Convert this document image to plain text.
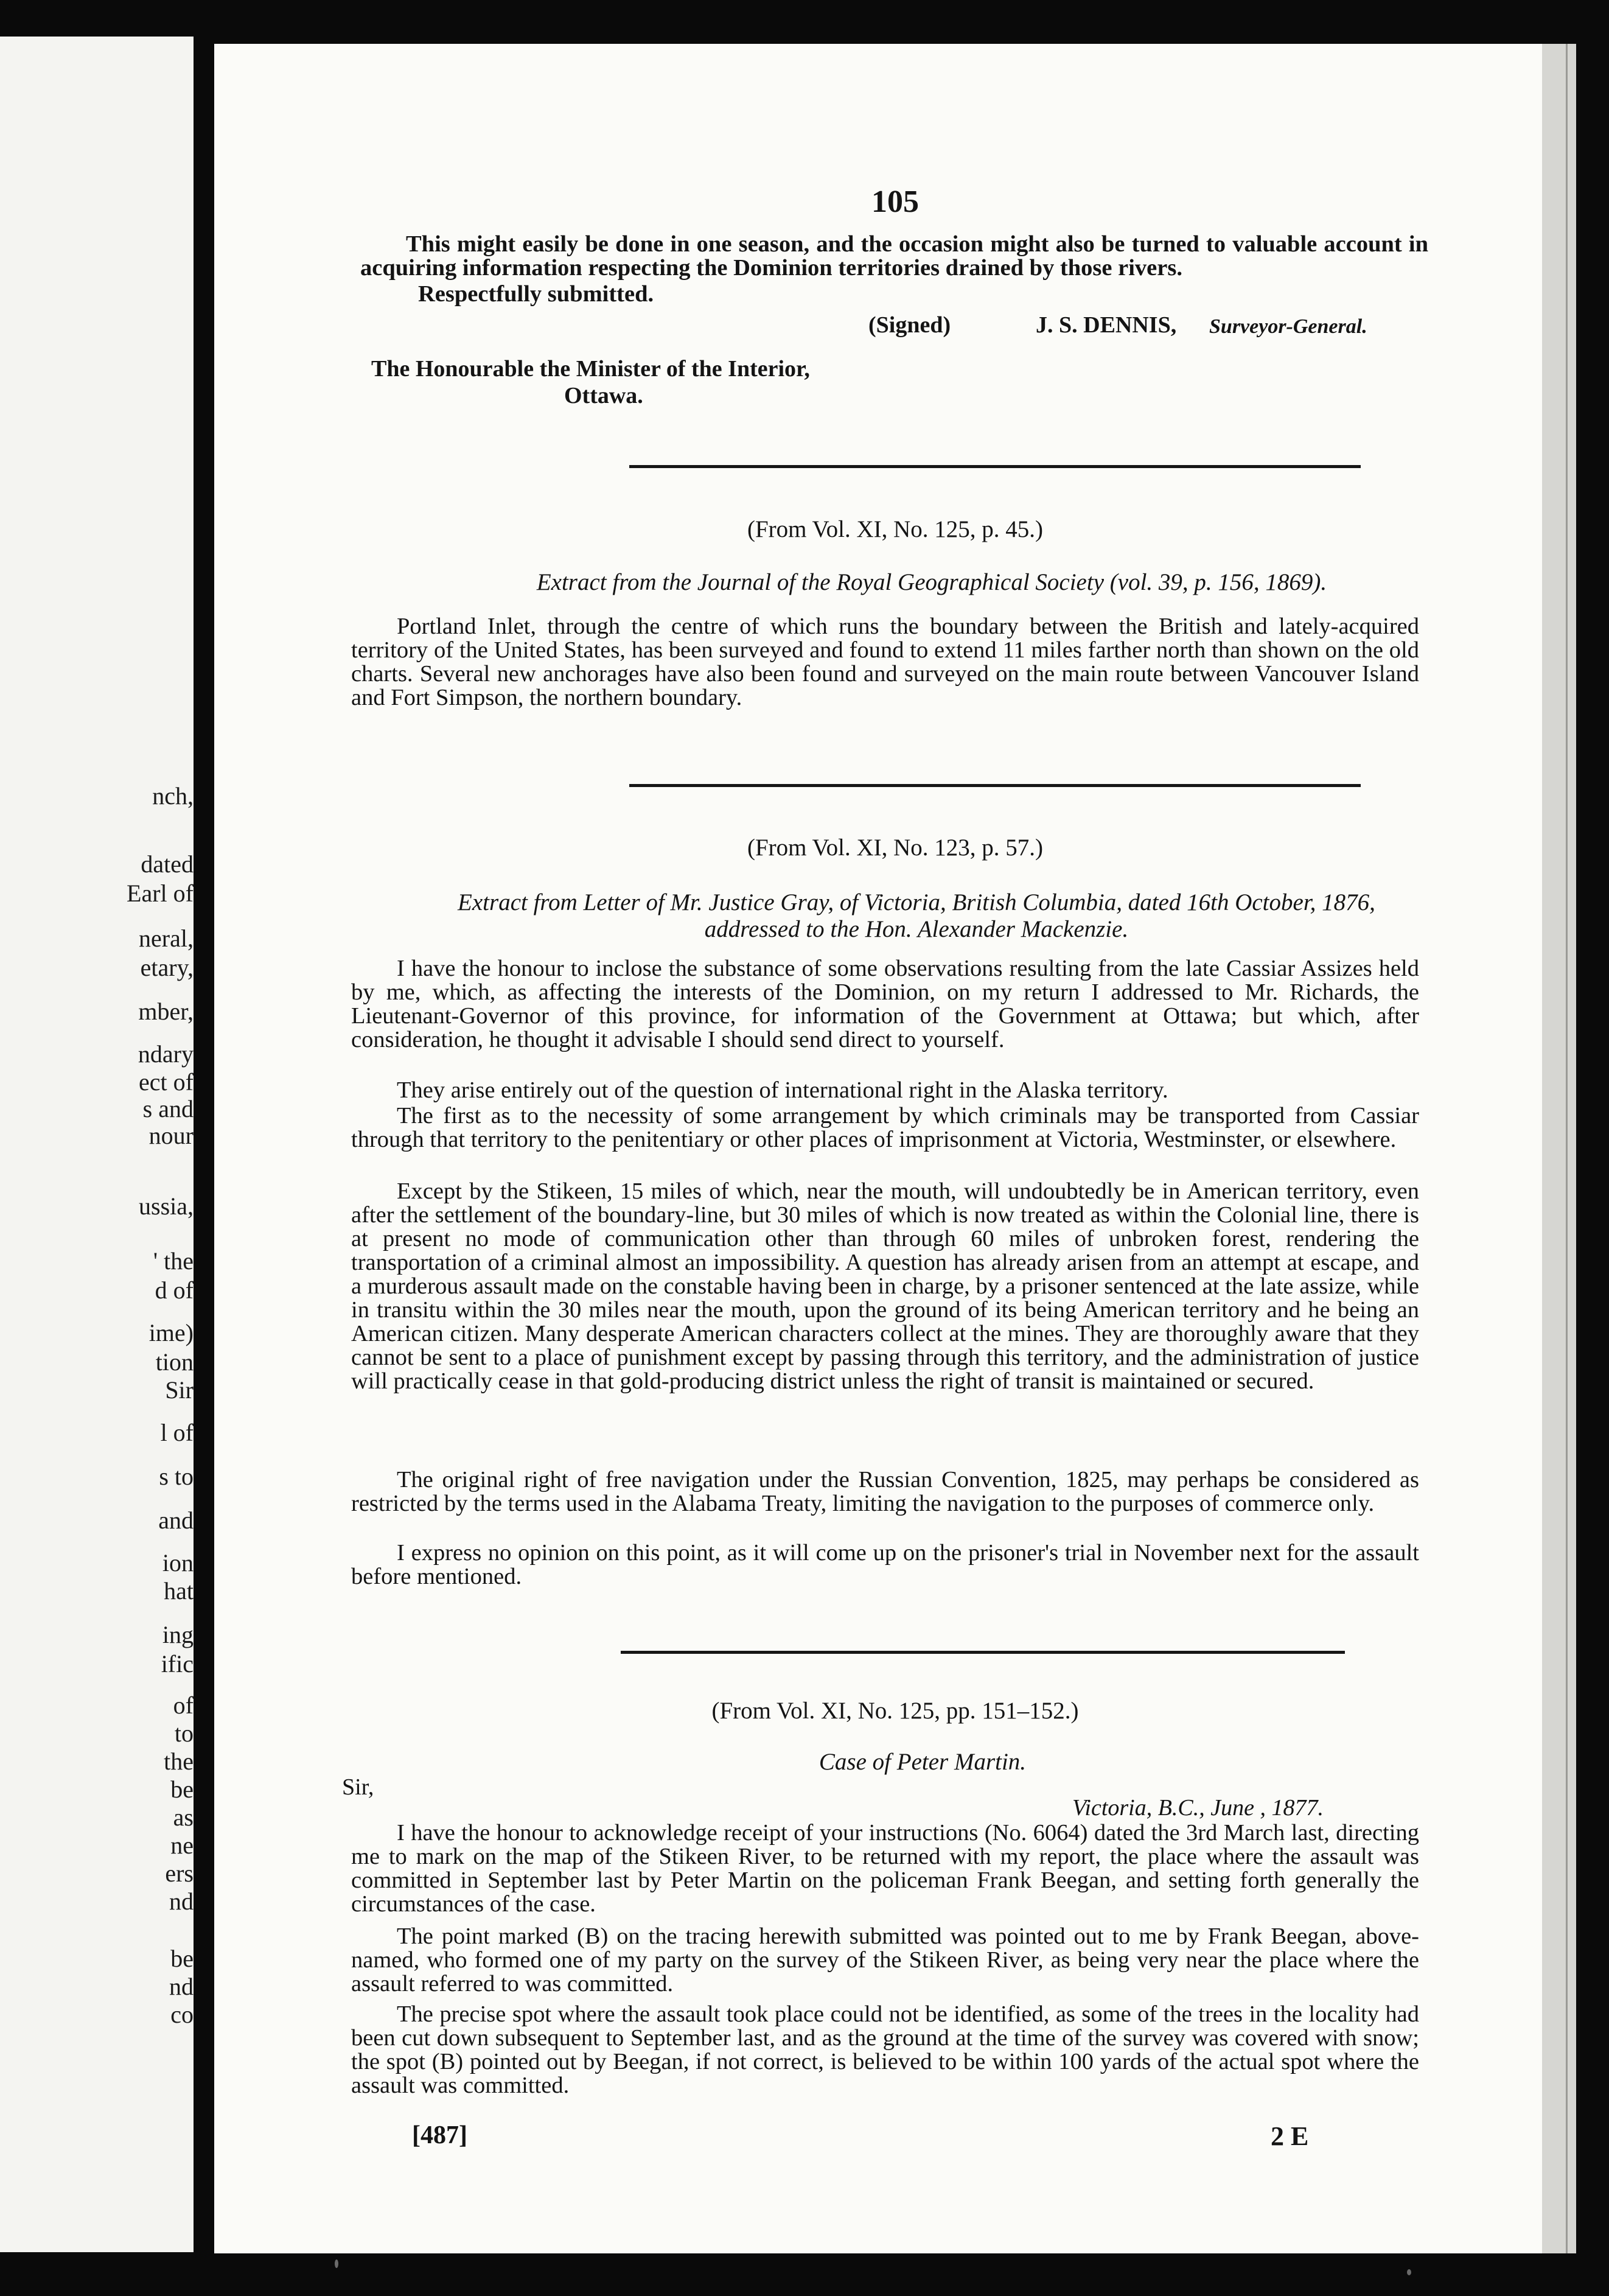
nch,
dated
Earl of
neral,
etary,
mber,
ndary
ect of
s and
nour
ussia,
' the
d of
ime)
tion
Sir
l of
s to
and
ion
hat
ing
ific
of
to
the
be
as
ne
ers
nd
be
nd
co
105
This might easily be done in one season, and the occasion might also be turned to valuable account in acquiring information respecting the Dominion territories drained by those rivers.
Respectfully submitted.
(Signed)	J. S. DENNIS, Surveyor-General.
The Honourable the Minister of the Interior,
Ottawa.
(From Vol. XI, No. 125, p. 45.)
Extract from the Journal of the Royal Geographical Society (vol. 39, p. 156, 1869).
Portland Inlet, through the centre of which runs the boundary between the British and lately-acquired territory of the United States, has been surveyed and found to extend 11 miles farther north than shown on the old charts. Several new anchorages have also been found and surveyed on the main route between Vancouver Island and Fort Simpson, the northern boundary.
(From Vol. XI, No. 123, p. 57.)
Extract from Letter of Mr. Justice Gray, of Victoria, British Columbia, dated 16th October, 1876,
addressed to the Hon. Alexander Mackenzie.
I have the honour to inclose the substance of some observations resulting from the late Cassiar Assizes held by me, which, as affecting the interests of the Dominion, on my return I addressed to Mr. Richards, the Lieutenant-Governor of this province, for information of the Government at Ottawa; but which, after consideration, he thought it advisable I should send direct to yourself.
They arise entirely out of the question of international right in the Alaska territory.
The first as to the necessity of some arrangement by which criminals may be transported from Cassiar through that territory to the penitentiary or other places of imprisonment at Victoria, Westminster, or elsewhere.
Except by the Stikeen, 15 miles of which, near the mouth, will undoubtedly be in American territory, even after the settlement of the boundary-line, but 30 miles of which is now treated as within the Colonial line, there is at present no mode of communication other than through 60 miles of unbroken forest, rendering the transportation of a criminal almost an impossibility. A question has already arisen from an attempt at escape, and a murderous assault made on the constable having been in charge, by a prisoner sentenced at the late assize, while in transitu within the 30 miles near the mouth, upon the ground of its being American territory and he being an American citizen. Many desperate American characters collect at the mines. They are thoroughly aware that they cannot be sent to a place of punishment except by passing through this territory, and the administration of justice will practically cease in that gold-producing district unless the right of transit is maintained or secured.
The original right of free navigation under the Russian Convention, 1825, may perhaps be considered as restricted by the terms used in the Alabama Treaty, limiting the navigation to the purposes of commerce only.
I express no opinion on this point, as it will come up on the prisoner's trial in November next for the assault before mentioned.
(From Vol. XI, No. 125, pp. 151–152.)
Case of Peter Martin.
Sir,
Victoria, B.C., June , 1877.
I have the honour to acknowledge receipt of your instructions (No. 6064) dated the 3rd March last, directing me to mark on the map of the Stikeen River, to be returned with my report, the place where the assault was committed in September last by Peter Martin on the policeman Frank Beegan, and setting forth generally the circumstances of the case.
The point marked (B) on the tracing herewith submitted was pointed out to me by Frank Beegan, above-named, who formed one of my party on the survey of the Stikeen River, as being very near the place where the assault referred to was committed.
The precise spot where the assault took place could not be identified, as some of the trees in the locality had been cut down subsequent to September last, and as the ground at the time of the survey was covered with snow; the spot (B) pointed out by Beegan, if not correct, is believed to be within 100 yards of the actual spot where the assault was committed.
[487]	2 E
